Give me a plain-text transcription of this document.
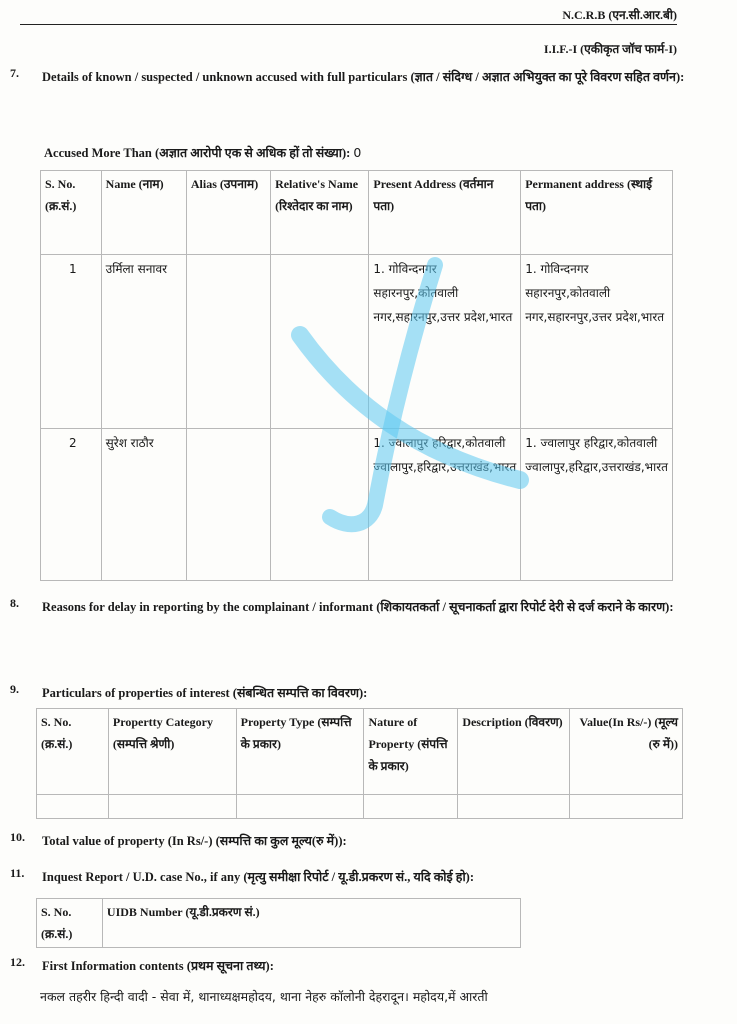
N.C.R.B (एन.सी.आर.बी)
I.I.F.-I (एकीकृत जॉच फार्म-I)
7. Details of known / suspected / unknown accused with full particulars (ज्ञात / संदिग्ध / अज्ञात अभियुक्त का पूरे विवरण सहित वर्णन):
Accused More Than (अज्ञात आरोपी एक से अधिक हों तो संख्या): 0
S. No. (क्र.सं.)	Name (नाम)	Alias (उपनाम)	Relative's Name (रिश्तेदार का नाम)	Present Address (वर्तमान पता)	Permanent address (स्थाई पता)
1	उर्मिला सनावर			1. गोविन्दनगर सहारनपुर,कोतवाली नगर,सहारनपुर,उत्तर प्रदेश,भारत	1. गोविन्दनगर सहारनपुर,कोतवाली नगर,सहारनपुर,उत्तर प्रदेश,भारत
2	सुरेश राठौर			1. ज्वालापुर हरिद्वार,कोतवाली ज्वालापुर,हरिद्वार,उत्तराखंड,भारत	1. ज्वालापुर हरिद्वार,कोतवाली ज्वालापुर,हरिद्वार,उत्तराखंड,भारत
8. Reasons for delay in reporting by the complainant / informant (शिकायतकर्ता / सूचनाकर्ता द्वारा रिपोर्ट देरी से दर्ज कराने के कारण):
9. Particulars of properties of interest (संबन्धित सम्पत्ति का विवरण):
S. No. (क्र.सं.)	Propertty Category (सम्पत्ति श्रेणी)	Property Type (सम्पत्ति के प्रकार)	Nature of Property (संपत्ति के प्रकार)	Description (विवरण)	Value(In Rs/-) (मूल्य (रु में))

10. Total value of property (In Rs/-) (सम्पत्ति का कुल मूल्य(रु में)):
11. Inquest Report / U.D. case No., if any (मृत्यु समीक्षा रिपोर्ट / यू.डी.प्रकरण सं., यदि कोई हो):
S. No. (क्र.सं.)	UIDB Number (यू.डी.प्रकरण सं.)
12. First Information contents (प्रथम सूचना तथ्य):
नकल तहरीर हिन्दी वादी - सेवा में, थानाध्यक्षमहोदय, थाना नेहरु कॉलोनी देहरादून। महोदय,में आरती
